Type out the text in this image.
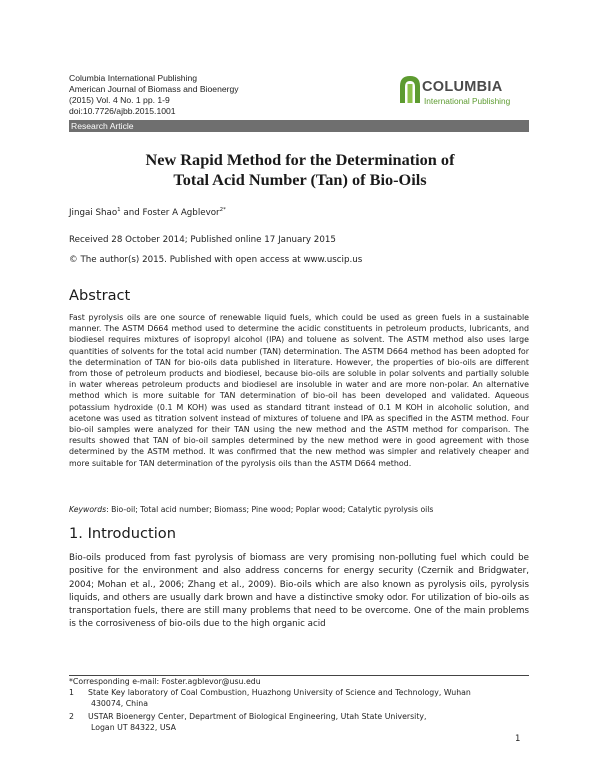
Columbia International Publishing
American Journal of Biomass and Bioenergy
(2015) Vol. 4 No. 1 pp. 1-9
doi:10.7726/ajbb.2015.1001
Research Article
COLUMBIA
International Publishing
New Rapid Method for the Determination of
Total Acid Number (Tan) of Bio-Oils
Jingai Shao$^1$ and Foster A Agblevor$^{2*}$
Received 28 October 2014; Published online 17 January 2015
© The author(s) 2015. Published with open access at www.uscip.us
Abstract
Fast pyrolysis oils are one source of renewable liquid fuels, which could be used as green fuels in a sustainable manner. The ASTM D664 method used to determine the acidic constituents in petroleum products, lubricants, and biodiesel requires mixtures of isopropyl alcohol (IPA) and toluene as solvent. The ASTM method also uses large quantities of solvents for the total acid number (TAN) determination. The ASTM D664 method has been adopted for the determination of TAN for bio-oils data published in literature. However, the properties of bio-oils are different from those of petroleum products and biodiesel, because bio-oils are soluble in polar solvents and partially soluble in water whereas petroleum products and biodiesel are insoluble in water and are more non-polar. An alternative method which is more suitable for TAN determination of bio-oil has been developed and validated. Aqueous potassium hydroxide (0.1 M KOH) was used as standard titrant instead of 0.1 M KOH in alcoholic solution, and acetone was used as titration solvent instead of mixtures of toluene and IPA as specified in the ASTM method. Four bio-oil samples were analyzed for their TAN using the new method and the ASTM method for comparison. The results showed that TAN of bio-oil samples determined by the new method were in good agreement with those determined by the ASTM method. It was confirmed that the new method was simpler and relatively cheaper and more suitable for TAN determination of the pyrolysis oils than the ASTM D664 method.
Keywords: Bio-oil; Total acid number; Biomass; Pine wood; Poplar wood; Catalytic pyrolysis oils
1. Introduction
Bio-oils produced from fast pyrolysis of biomass are very promising non-polluting fuel which could be positive for the environment and also address concerns for energy security (Czernik and Bridgwater, 2004; Mohan et al., 2006; Zhang et al., 2009). Bio-oils which are also known as pyrolysis oils, pyrolysis liquids, and others are usually dark brown and have a distinctive smoky odor. For utilization of bio-oils as transportation fuels, there are still many problems that need to be overcome. One of the main problems is the corrosiveness of bio-oils due to the high organic acid
*Corresponding e-mail: Foster.agblevor@usu.edu
1 State Key laboratory of Coal Combustion, Huazhong University of Science and Technology, Wuhan
430074, China
2 USTAR Bioenergy Center, Department of Biological Engineering, Utah State University,
Logan UT 84322, USA
1
